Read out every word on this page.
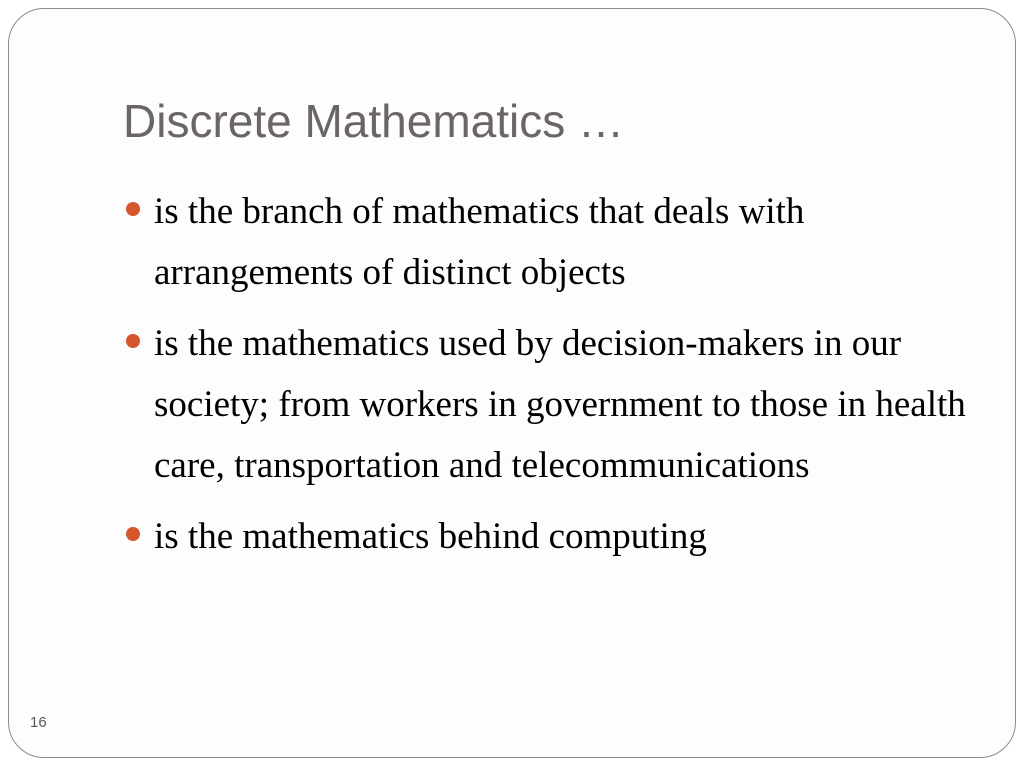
Discrete Mathematics …
is the branch of mathematics that deals with arrangements of distinct objects
is the mathematics used by decision-makers in our society; from workers in government to those in health care, transportation and telecommunications
is the mathematics behind computing
16
